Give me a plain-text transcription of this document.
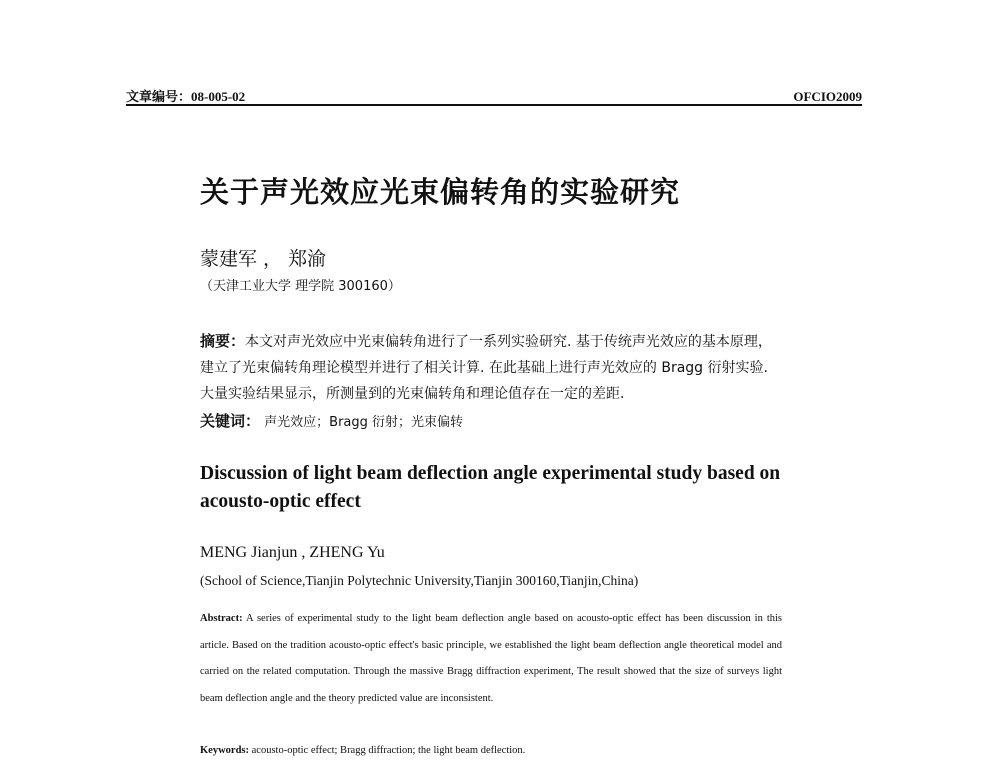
文章编号：08-005-02	OFCIO2009
关于声光效应光束偏转角的实验研究
蒙建军 ， 郑渝
（天津工业大学 理学院 300160）
摘要：本文对声光效应中光束偏转角进行了一系列实验研究. 基于传统声光效应的基本原理，建立了光束偏转角理论模型并进行了相关计算. 在此基础上进行声光效应的 Bragg 衍射实验. 大量实验结果显示，所测量到的光束偏转角和理论值存在一定的差距.
关键词： 声光效应；Bragg 衍射；光束偏转
Discussion of light beam deflection angle experimental study based on acousto-optic effect
MENG Jianjun , ZHENG Yu
(School of Science,Tianjin Polytechnic University,Tianjin 300160,Tianjin,China)
Abstract: A series of experimental study to the light beam deflection angle based on acousto-optic effect has been discussion in this article. Based on the tradition acousto-optic effect's basic principle, we established the light beam deflection angle theoretical model and carried on the related computation. Through the massive Bragg diffraction experiment, The result showed that the size of surveys light beam deflection angle and the theory predicted value are inconsistent.
Keywords: acousto-optic effect; Bragg diffraction; the light beam deflection.
